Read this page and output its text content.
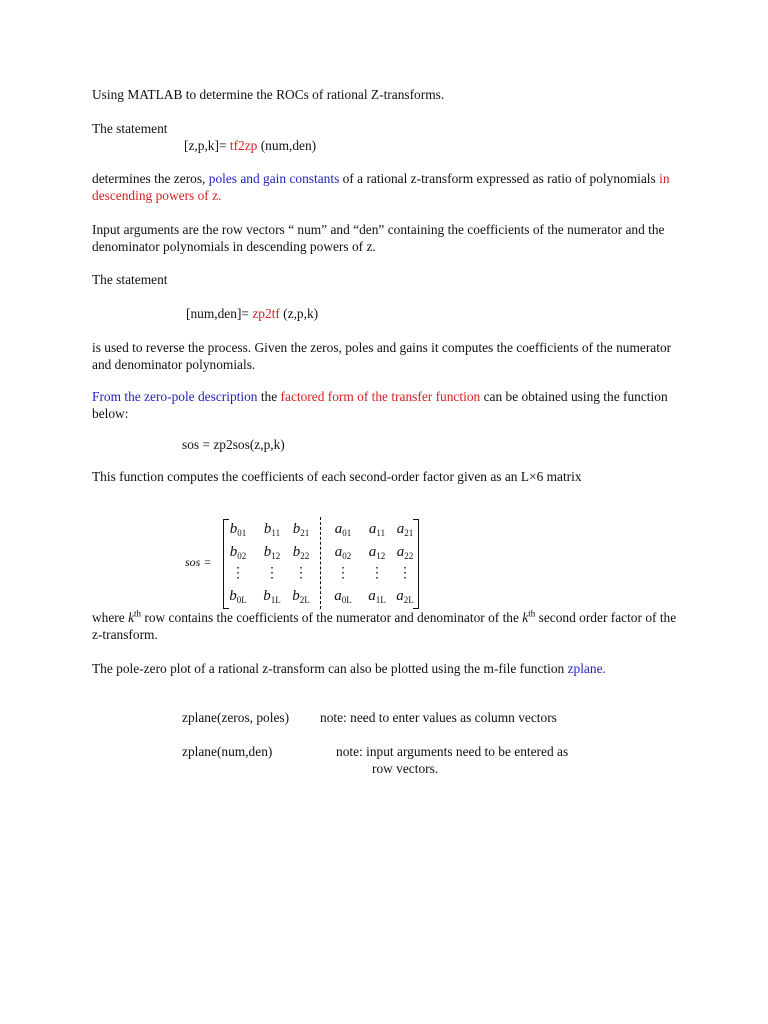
Using MATLAB to determine the ROCs of rational Z-transforms.

The statement

[z,p,k]= tf2zp (num,den)

determines the zeros, poles and gain constants of a rational z-transform expressed as ratio of polynomials in descending powers of z.

Input arguments are the row vectors “ num” and “den” containing the coefficients of the numerator and the denominator polynomials in descending powers of z.

The statement

[num,den]= zp2tf (z,p,k)

is used to reverse the process. Given the zeros, poles and gains it computes the coefficients of the numerator and denominator polynomials.

From the zero-pole description the factored form of the transfer function can be obtained using the function below:

sos = zp2sos(z,p,k)

This function computes the coefficients of each second-order factor given as an L×6 matrix

sos =
$b_{01}$	$b_{11}$ $b_{21}$	$a_{01}$	$a_{11}$ $a_{21}$
$b_{02}$	$b_{12}$ $b_{22}$	$a_{02}$	$a_{12}$ $a_{22}$
⋮	⋮	⋮	⋮	⋮	⋮
$b_{0L}$	$b_{1L}$ $b_{2L}$	$a_{0L}$	$a_{1L}$ $a_{2L}$

where $k^{th}$ row contains the coefficients of the numerator and denominator of the $k^{th}$ second order factor of the z-transform.

The pole-zero plot of a rational z-transform can also be plotted using the m-file function zplane.

zplane(zeros, poles) note: need to enter values as column vectors

zplane(num,den)	note: input arguments need to be entered as

row vectors.
